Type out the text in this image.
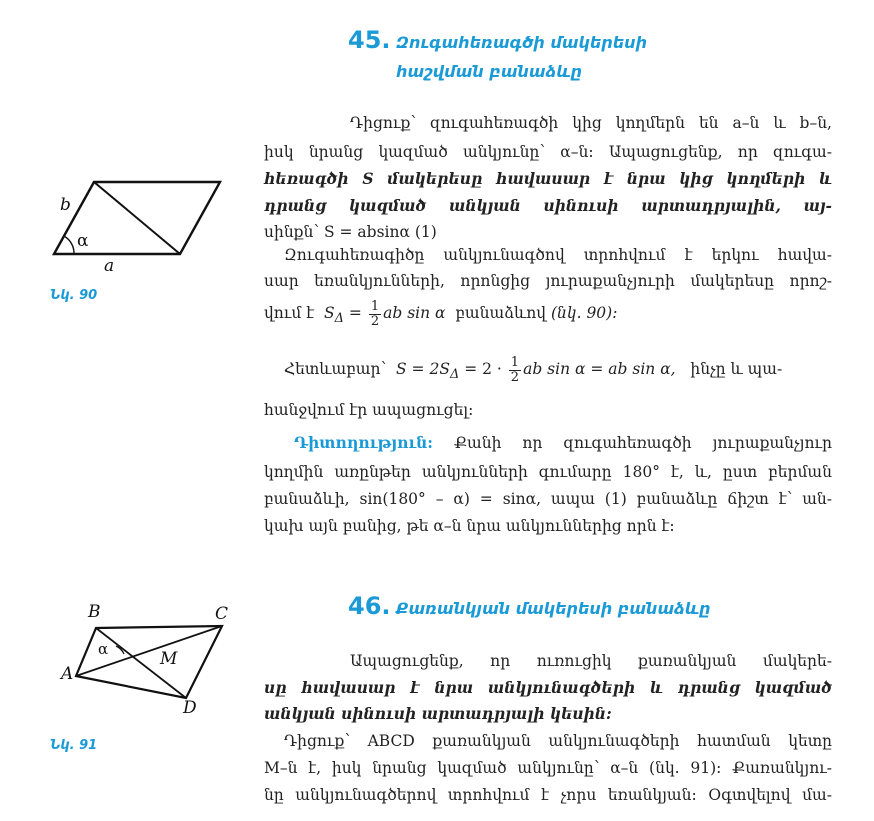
45. Զուգահեռագծի մակերեսի
հաշվման բանաձևը
b
α
a
Նկ. 90
Դիցուք՝ զուգահեռագծի կից կողմերն են a–ն և b–ն,
իսկ նրանց կազմած անկյունը՝ α–ն: Ապացուցենք, որ զուգա-
հեռագծի S մակերեսը հավասար է նրա կից կողմերի և
դրանց կազմած անկյան սինուսի արտադրյալին, այ-
սինքն՝ S = absinα (1)
Զուգահեռագիծը անկյունագծով տրոհվում է երկու հավա-
սար եռանկյունների, որոնցից յուրաքանչյուրի մակերեսը որոշ-
վում է $S_\Delta = \frac{1}{2}$ ab sin α բանաձևով (նկ. 90):
Հետևաբար՝ $S = 2S_\Delta = 2 \cdot \frac{1}{2}$ ab sin α = ab sin α, ինչը և պա-
հանջվում էր ապացուցել:
Դիտողություն: Քանի որ զուգահեռագծի յուրաքանչյուր
կողմին առընթեր անկյունների գումարը 180° է, և, ըստ բերման
բանաձևի, sin(180° – α) = sinα, ապա (1) բանաձևը ճիշտ է՝ ան-
կախ այն բանից, թե α–ն նրա անկյուններից որն է:
46. Քառանկյան մակերեսի բանաձևը
B	C
A
D
M
α
Նկ. 91
Ապացուցենք, որ ուռուցիկ քառանկյան մակերե-
սը հավասար է նրա անկյունագծերի և դրանց կազմած
անկյան սինուսի արտադրյալի կեսին:
Դիցուք՝ ABCD քառանկյան անկյունագծերի հատման կետը
M–ն է, իսկ նրանց կազմած անկյունը՝ α–ն (նկ. 91): Քառանկյու-
նը անկյունագծերով տրոհվում է չորս եռանկյան: Օգտվելով մա-
